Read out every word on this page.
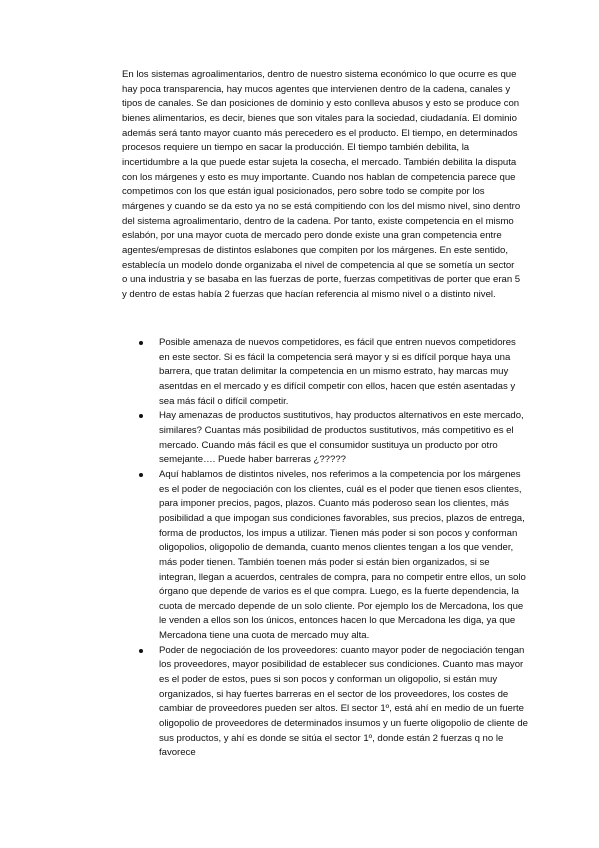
En los sistemas agroalimentarios, dentro de nuestro sistema económico lo que ocurre es que hay poca transparencia, hay mucos agentes que intervienen dentro de la cadena, canales y tipos de canales. Se dan posiciones de dominio y esto conlleva abusos y esto se produce con bienes alimentarios, es decir, bienes que son vitales para la sociedad, ciudadanía. El dominio además será tanto mayor cuanto más perecedero es el producto. El tiempo, en determinados procesos requiere un tiempo en sacar la producción. El tiempo también debilita, la incertidumbre a la que puede estar sujeta la cosecha, el mercado. También debilita la disputa con los márgenes y esto es muy importante. Cuando nos hablan de competencia parece que competimos con los que están igual posicionados, pero sobre todo se compite por los márgenes y cuando se da esto ya no se está compitiendo con los del mismo nivel, sino dentro del sistema agroalimentario, dentro de la cadena. Por tanto, existe competencia en el mismo eslabón, por una mayor cuota de mercado pero donde existe una gran competencia entre agentes/empresas de distintos eslabones que compiten por los márgenes. En este sentido, establecía un modelo donde organizaba el nivel de competencia al que se sometía un sector o una industria y se basaba en las fuerzas de porte, fuerzas competitivas de porter que eran 5 y dentro de estas había 2 fuerzas que hacían referencia al mismo nivel o a distinto nivel.

Posible amenaza de nuevos competidores, es fácil que entren nuevos competidores en este sector. Si es fácil la competencia será mayor y si es difícil porque haya una barrera, que tratan delimitar la competencia en un mismo estrato, hay marcas muy asentdas en el mercado y es difícil competir con ellos, hacen que estén asentadas y sea más fácil o difícil competir.
Hay amenazas de productos sustitutivos, hay productos alternativos en este mercado, similares? Cuantas más posibilidad de productos sustitutivos, más competitivo es el mercado. Cuando más fácil es que el consumidor sustituya un producto por otro semejante…. Puede haber barreras ¿?????
Aquí hablamos de distintos niveles, nos referimos a la competencia por los márgenes es el poder de negociación con los clientes, cuál es el poder que tienen esos clientes, para imponer precios, pagos, plazos. Cuanto más poderoso sean los clientes, más posibilidad a que impogan sus condiciones favorables, sus precios, plazos de entrega, forma de productos, los impus a utilizar. Tienen más poder si son pocos y conforman oligopolios, oligopolio de demanda, cuanto menos clientes tengan a los que vender, más poder tienen. También toenen más poder si están bien organizados, si se integran, llegan a acuerdos, centrales de compra, para no competir entre ellos, un solo órgano que depende de varios es el que compra. Luego, es la fuerte dependencia, la cuota de mercado depende de un solo cliente. Por ejemplo los de Mercadona, los que le venden a ellos son los únicos, entonces hacen lo que Mercadona les diga, ya que Mercadona tiene una cuota de mercado muy alta.
Poder de negociación de los proveedores: cuanto mayor poder de negociación tengan los proveedores, mayor posibilidad de establecer sus condiciones. Cuanto mas mayor es el poder de estos, pues si son pocos y conforman un oligopolio, si están muy organizados, si hay fuertes barreras en el sector de los proveedores, los costes de cambiar de proveedores pueden ser altos. El sector 1º, está ahí en medio de un fuerte oligopolio de proveedores de determinados insumos y un fuerte oligopolio de cliente de sus productos, y ahí es donde se sitúa el sector 1º, donde están 2 fuerzas q no le favorece
